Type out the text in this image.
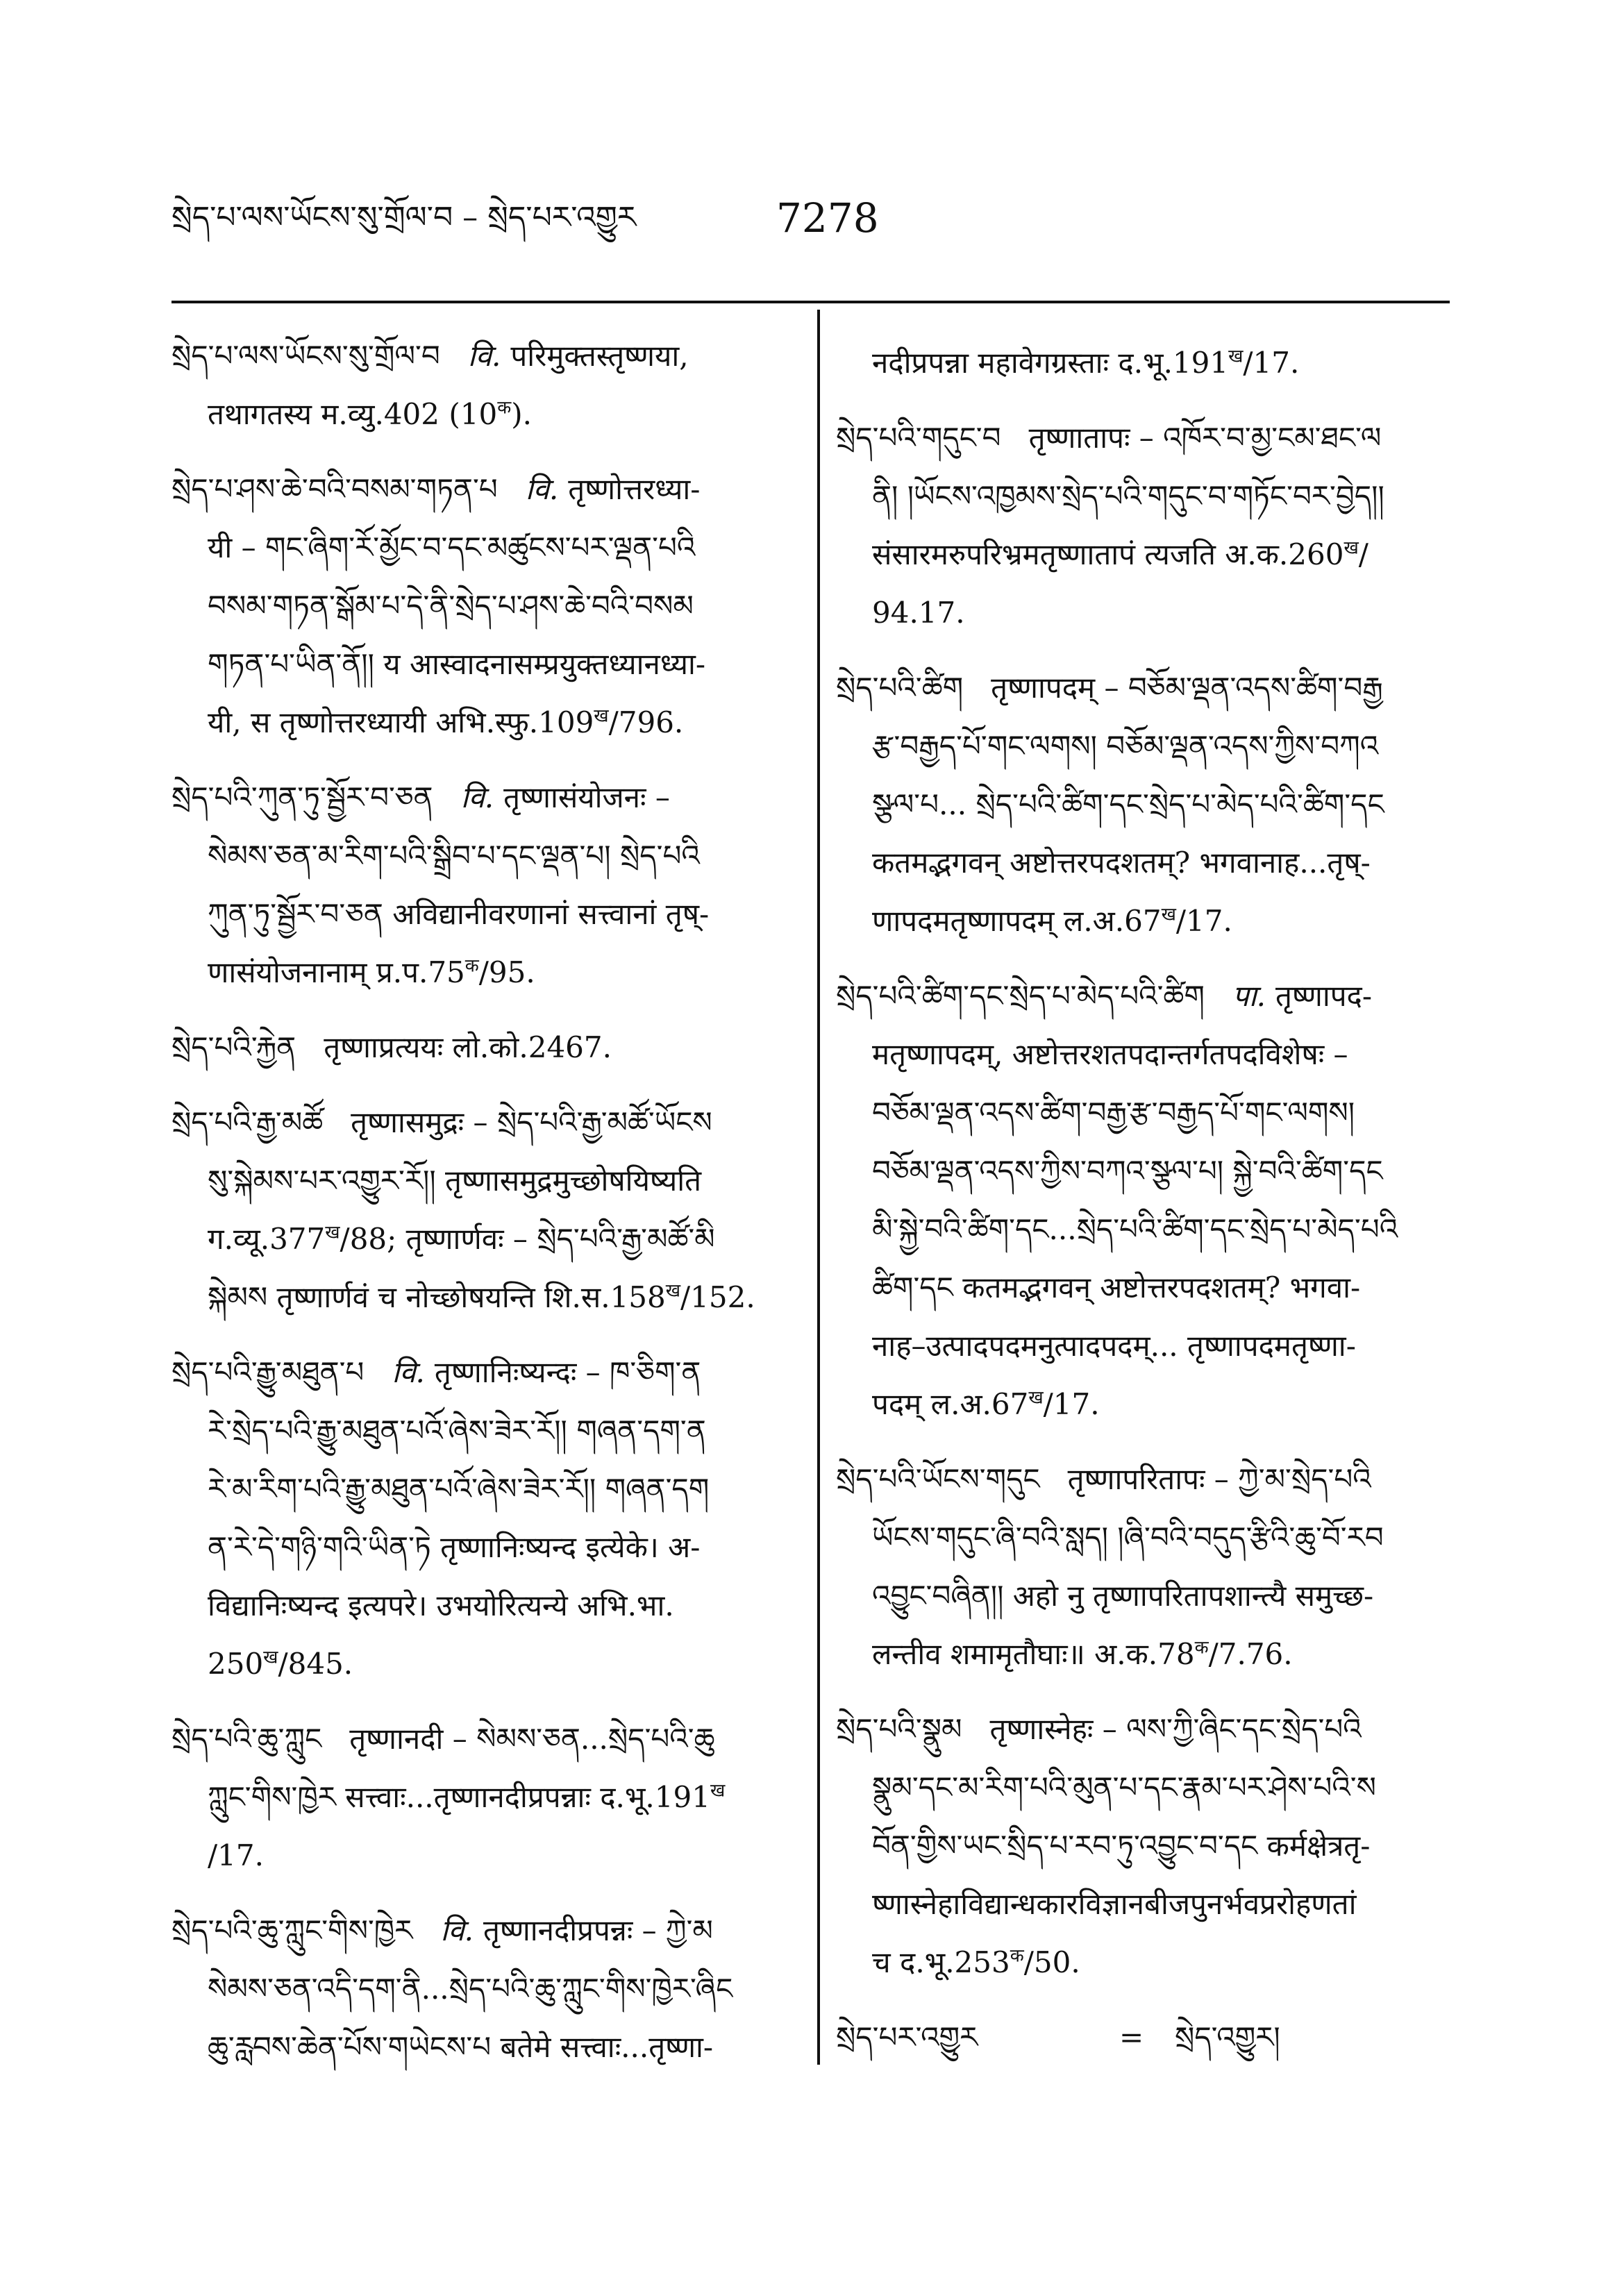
སྲེད་པ་ལས་ཡོངས་སུ་གྲོལ་བ – སྲེད་པར་འགྱུར	7278
སྲེད་པ་ལས་ཡོངས་སུ་གྲོལ་བ वि. परिमुक्तस्तृष्णया,
तथागतस्य म.व्यु.402 $(10^क)$.
སྲེད་པ་ཤས་ཆེ་བའི་བསམ་གཏན་པ वि. तृष्णोत्तरध्या-
यी – གང་ཞིག་རོ་མྱོང་བ་དང་མཚུངས་པར་ལྡན་པའི
བསམ་གཏན་སྒོམ་པ་དེ་ནི་སྲེད་པ་ཤས་ཆེ་བའི་བསམ
གཏན་པ་ཡིན་ནོ།། य आस्वादनासम्प्रयुक्तध्यानध्या-
यी, स तृष्णोत्तरध्यायी $अभि.स्फु.109^ख/796$.
སྲེད་པའི་ཀུན་ཏུ་སྦྱོར་བ་ཅན वि. तृष्णासंयोजनः –
སེམས་ཅན་མ་རིག་པའི་སྒྲིབ་པ་དང་ལྡན་པ། སྲེད་པའི
ཀུན་ཏུ་སྦྱོར་བ་ཅན अविद्यानीवरणानां सत्त्वानां तृष्-
णासंयोजनानाम् $प्र.प.75^क/95$.
སྲེད་པའི་རྐྱེན तृष्णाप्रत्ययः लो.को.2467.
སྲེད་པའི་རྒྱ་མཚོ तृष्णासमुद्रः – སྲེད་པའི་རྒྱ་མཚོ་ཡོངས
སུ་སྐེམས་པར་འགྱུར་རོ།། तृष्णासमुद्रमुच्छोषयिष्यति
$ग.व्यू.377^ख/88$; तृष्णार्णवः – སྲེད་པའི་རྒྱ་མཚོ་མི
སྐེམས तृष्णार्णवं च नोच्छोषयन्ति $शि.स.158^ख/152$.
སྲེད་པའི་རྒྱུ་མཐུན་པ वि. तृष्णानिःष्यन्दः – ཁ་ཅིག་ན
རེ་སྲེད་པའི་རྒྱུ་མཐུན་པའོ་ཞེས་ཟེར་རོ།། གཞན་དག་ན
རེ་མ་རིག་པའི་རྒྱུ་མཐུན་པའོ་ཞེས་ཟེར་རོ།། གཞན་དག
ན་རེ་དེ་གཉི་གའི་ཡིན་ཏེ तृष्णानिःष्यन्द इत्येके। अ-
विद्यानिःष्यन्द इत्यपरे। उभयोरित्यन्ये अभि.भा.
$250^ख/845$.
སྲེད་པའི་ཆུ་ཀླུང तृष्णानदी – སེམས་ཅན...སྲེད་པའི་ཆུ
ཀླུང་གིས་ཁྱེར सत्त्वाः...तृष्णानदीप्रपन्नाः $द.भू.191^ख$
/17.
སྲེད་པའི་ཆུ་ཀླུང་གིས་ཁྱེར वि. तृष्णानदीप्रपन्नः – ཀྱེ་མ
སེམས་ཅན་འདི་དག་ནི...སྲེད་པའི་ཆུ་ཀླུང་གིས་ཁྱེར་ཞིང
ཆུ་རླབས་ཆེན་པོས་གཡེངས་པ बतेमे सत्त्वाः...तृष्णा-
नदीप्रपन्ना महावेगग्रस्ताः $द.भू.191^ख/17$.
སྲེད་པའི་གདུང་བ तृष्णातापः – འཁོར་བ་མྱ་ངམ་ཐང་ལ
ནི། །ཡོངས་འཁྱམས་སྲེད་པའི་གདུང་བ་གཏོང་བར་བྱེད།།
संसारमरुपरिभ्रमतृष्णातापं त्यजति $अ.क.260^ख/$
94.17.
སྲེད་པའི་ཚིག तृष्णापदम् – བཅོམ་ལྡན་འདས་ཚིག་བརྒྱ
རྩ་བརྒྱད་པོ་གང་ལགས། བཅོམ་ལྡན་འདས་ཀྱིས་བཀའ
སྩལ་པ... སྲེད་པའི་ཚིག་དང་སྲེད་པ་མེད་པའི་ཚིག་དང
कतमद्भगवन् अष्टोत्तरपदशतम्? भगवानाह...तृष्-
णापदमतृष्णापदम् $ल.अ.67^ख/17$.
སྲེད་པའི་ཚིག་དང་སྲེད་པ་མེད་པའི་ཚིག पा. तृष्णापद-
मतृष्णापदम्, अष्टोत्तरशतपदान्तर्गतपदविशेषः –
བཅོམ་ལྡན་འདས་ཚིག་བརྒྱ་རྩ་བརྒྱད་པོ་གང་ལགས།
བཅོམ་ལྡན་འདས་ཀྱིས་བཀའ་སྩལ་པ། སྐྱེ་བའི་ཚིག་དང
མི་སྐྱེ་བའི་ཚིག་དང...སྲེད་པའི་ཚིག་དང་སྲེད་པ་མེད་པའི
ཚིག་དང कतमद्भगवन् अष्टोत्तरपदशतम्? भगवा-
नाह–उत्पादपदमनुत्पादपदम्... तृष्णापदमतृष्णा-
पदम् $ल.अ.67^ख/17$.
སྲེད་པའི་ཡོངས་གདུང तृष्णापरितापः – ཀྱེ་མ་སྲེད་པའི
ཡོངས་གདུང་ཞི་བའི་སླད། །ཞི་བའི་བདུད་རྩིའི་ཆུ་བོ་རབ
འབྱུང་བཞིན།། अहो नु तृष्णापरितापशान्त्यै समुच्छ-
लन्तीव शमामृतौघाः॥ $अ.क.78^क/7.76$.
སྲེད་པའི་སྣུམ तृष्णास्नेहः – ལས་ཀྱི་ཞིང་དང་སྲེད་པའི
སྣུམ་དང་མ་རིག་པའི་མུན་པ་དང་རྣམ་པར་ཤེས་པའི་ས
བོན་གྱིས་ཡང་སྲིད་པ་རབ་ཏུ་འབྱུང་བ་དང कर्मक्षेत्रतृ-
ष्णास्नेहाविद्यान्धकारविज्ञानबीजपुनर्भवप्ररोहणतां
च $द.भू.253^क/50$.
སྲེད་པར་འགྱུར	= སྲེད་འགྱུར།
